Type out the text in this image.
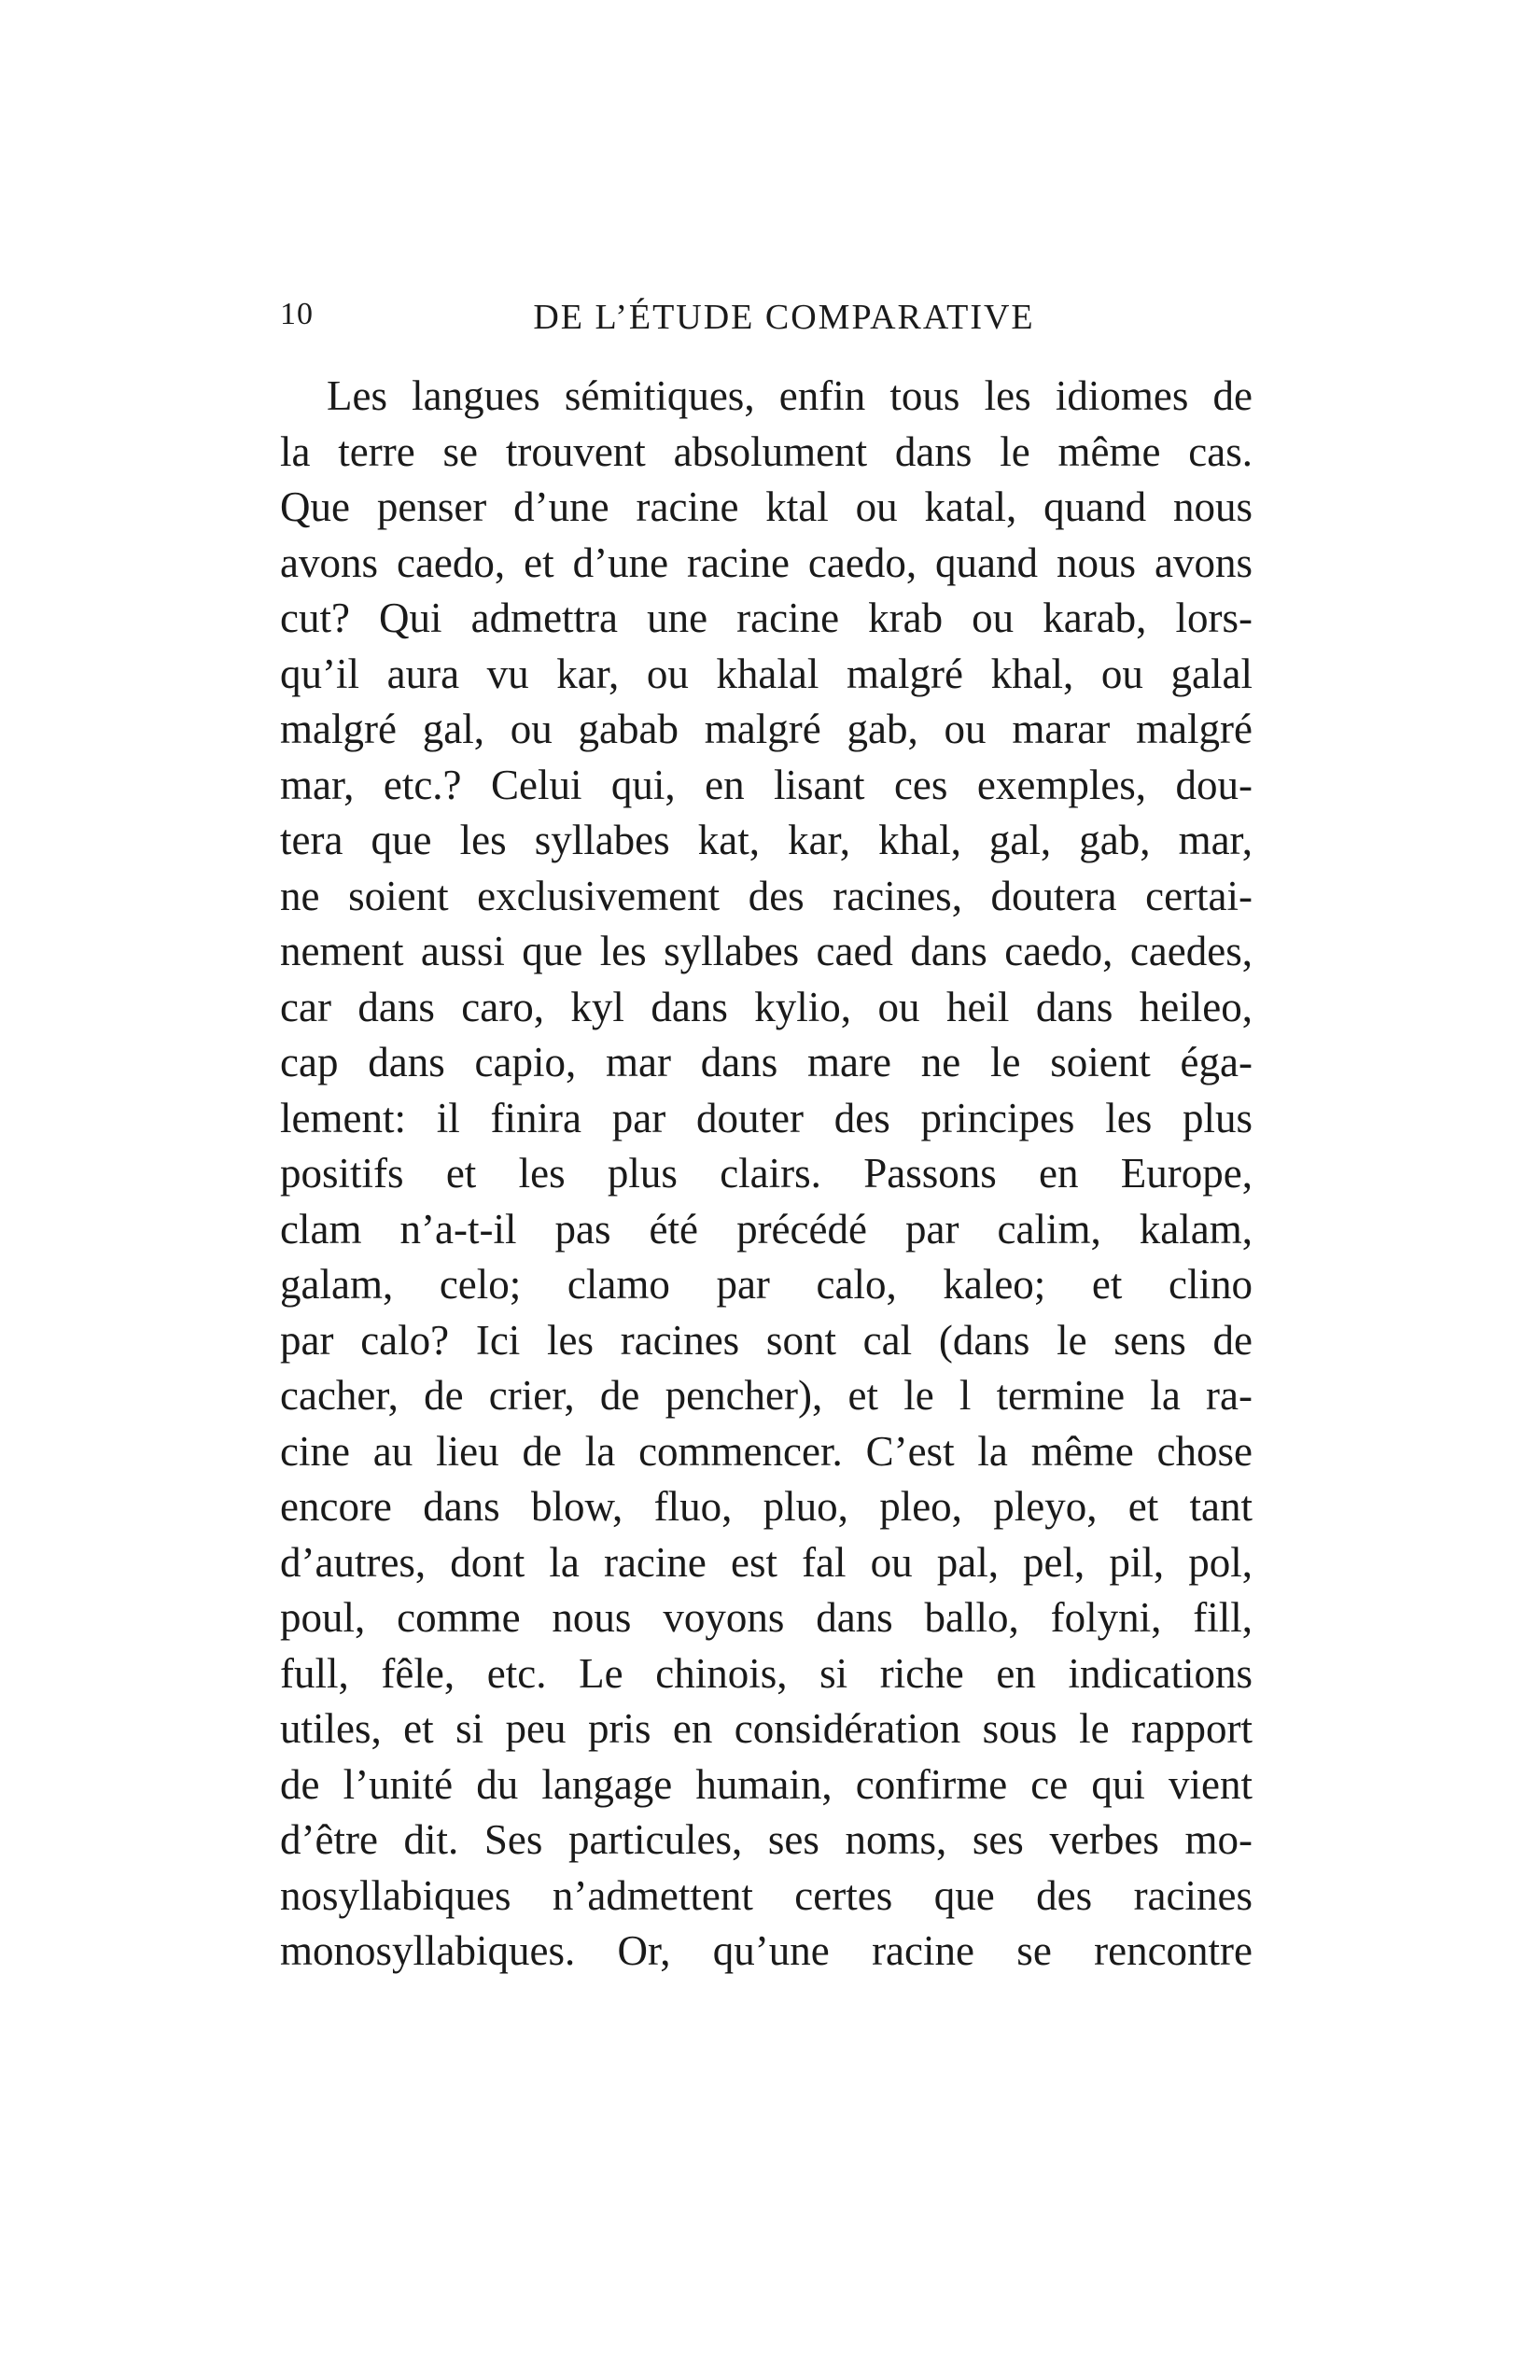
10	DE L’ÉTUDE COMPARATIVE
Les langues sémitiques, enfin tous les idiomes de
la terre se trouvent absolument dans le même cas.
Que penser d’une racine ktal ou katal, quand nous
avons caedo, et d’une racine caedo, quand nous avons
cut? Qui admettra une racine krab ou karab, lors-
qu’il aura vu kar, ou khalal malgré khal, ou galal
malgré gal, ou gabab malgré gab, ou marar malgré
mar, etc.? Celui qui, en lisant ces exemples, dou-
tera que les syllabes kat, kar, khal, gal, gab, mar,
ne soient exclusivement des racines, doutera certai-
nement aussi que les syllabes caed dans caedo, caedes,
car dans caro, kyl dans kylio, ou heil dans heileo,
cap dans capio, mar dans mare ne le soient éga-
lement: il finira par douter des principes les plus
positifs et les plus clairs. Passons en Europe,
clam n’a-t-il pas été précédé par calim, kalam,
galam, celo; clamo par calo, kaleo; et clino
par calo? Ici les racines sont cal (dans le sens de
cacher, de crier, de pencher), et le l termine la ra-
cine au lieu de la commencer. C’est la même chose
encore dans blow, fluo, pluo, pleo, pleyo, et tant
d’autres, dont la racine est fal ou pal, pel, pil, pol,
poul, comme nous voyons dans ballo, folyni, fill,
full, fêle, etc. Le chinois, si riche en indications
utiles, et si peu pris en considération sous le rapport
de l’unité du langage humain, confirme ce qui vient
d’être dit. Ses particules, ses noms, ses verbes mo-
nosyllabiques n’admettent certes que des racines
monosyllabiques. Or, qu’une racine se rencontre
